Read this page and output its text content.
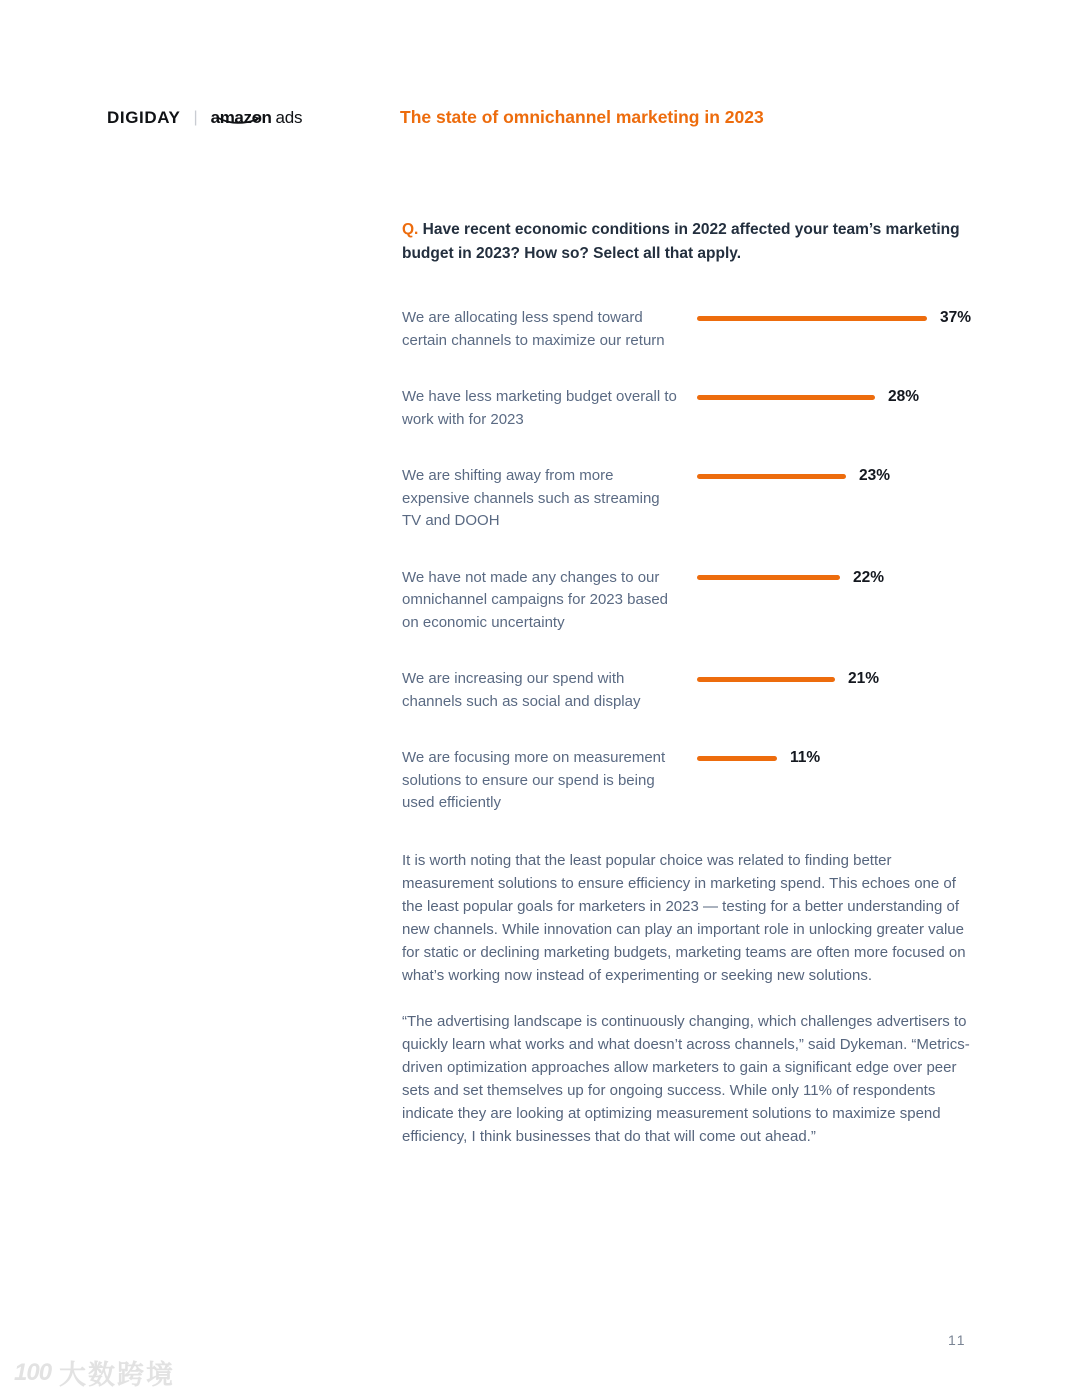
DIGIDAY | amazon ads	The state of omnichannel marketing in 2023
Q. Have recent economic conditions in 2022 affected your team’s marketing budget in 2023? How so? Select all that apply.
We are allocating less spend toward certain channels to maximize our return
37%
We have less marketing budget overall to work with for 2023
28%
We are shifting away from more expensive channels such as streaming TV and DOOH
23%
We have not made any changes to our omnichannel campaigns for 2023 based on economic uncertainty
22%
We are increasing our spend with channels such as social and display
21%
We are focusing more on measurement solutions to ensure our spend is being used efficiently
11%

It is worth noting that the least popular choice was related to finding better measurement solutions to ensure efficiency in marketing spend. This echoes one of the least popular goals for marketers in 2023 — testing for a better understanding of new channels. While innovation can play an important role in unlocking greater value for static or declining marketing budgets, marketing teams are often more focused on what’s working now instead of experimenting or seeking new solutions.

“The advertising landscape is continuously changing, which challenges advertisers to quickly learn what works and what doesn’t across channels,” said Dykeman. “Metrics-driven optimization approaches allow marketers to gain a significant edge over peer sets and set themselves up for ongoing success. While only 11% of respondents indicate they are looking at optimizing measurement solutions to maximize spend efficiency, I think businesses that do that will come out ahead.”

11
100 大数跨境
